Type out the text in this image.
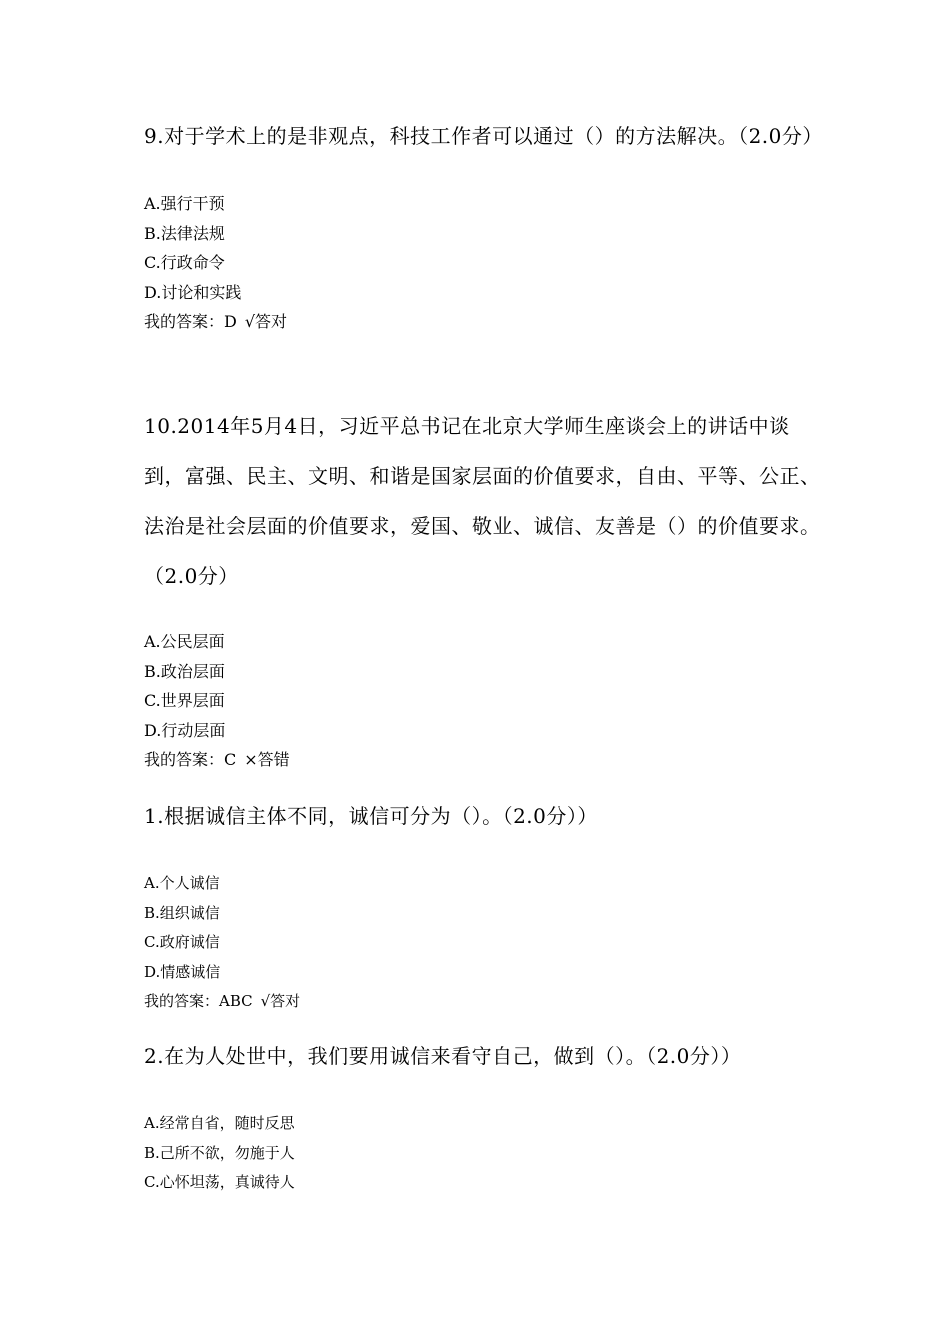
9.对于学术上的是非观点，科技工作者可以通过（）的方法解决。（2.0分）

A.强行干预
B.法律法规
C.行政命令
D.讨论和实践
我的答案：D √答对

10.2014年5月4日，习近平总书记在北京大学师生座谈会上的讲话中谈到，富强、民主、文明、和谐是国家层面的价值要求，自由、平等、公正、法治是社会层面的价值要求，爱国、敬业、诚信、友善是（）的价值要求。（2.0分）

A.公民层面
B.政治层面
C.世界层面
D.行动层面
我的答案：C ×答错

1.根据诚信主体不同，诚信可分为（）。（2.0分））

A.个人诚信
B.组织诚信
C.政府诚信
D.情感诚信
我的答案：ABC √答对

2.在为人处世中，我们要用诚信来看守自己，做到（）。（2.0分））

A.经常自省，随时反思
B.己所不欲，勿施于人
C.心怀坦荡，真诚待人
